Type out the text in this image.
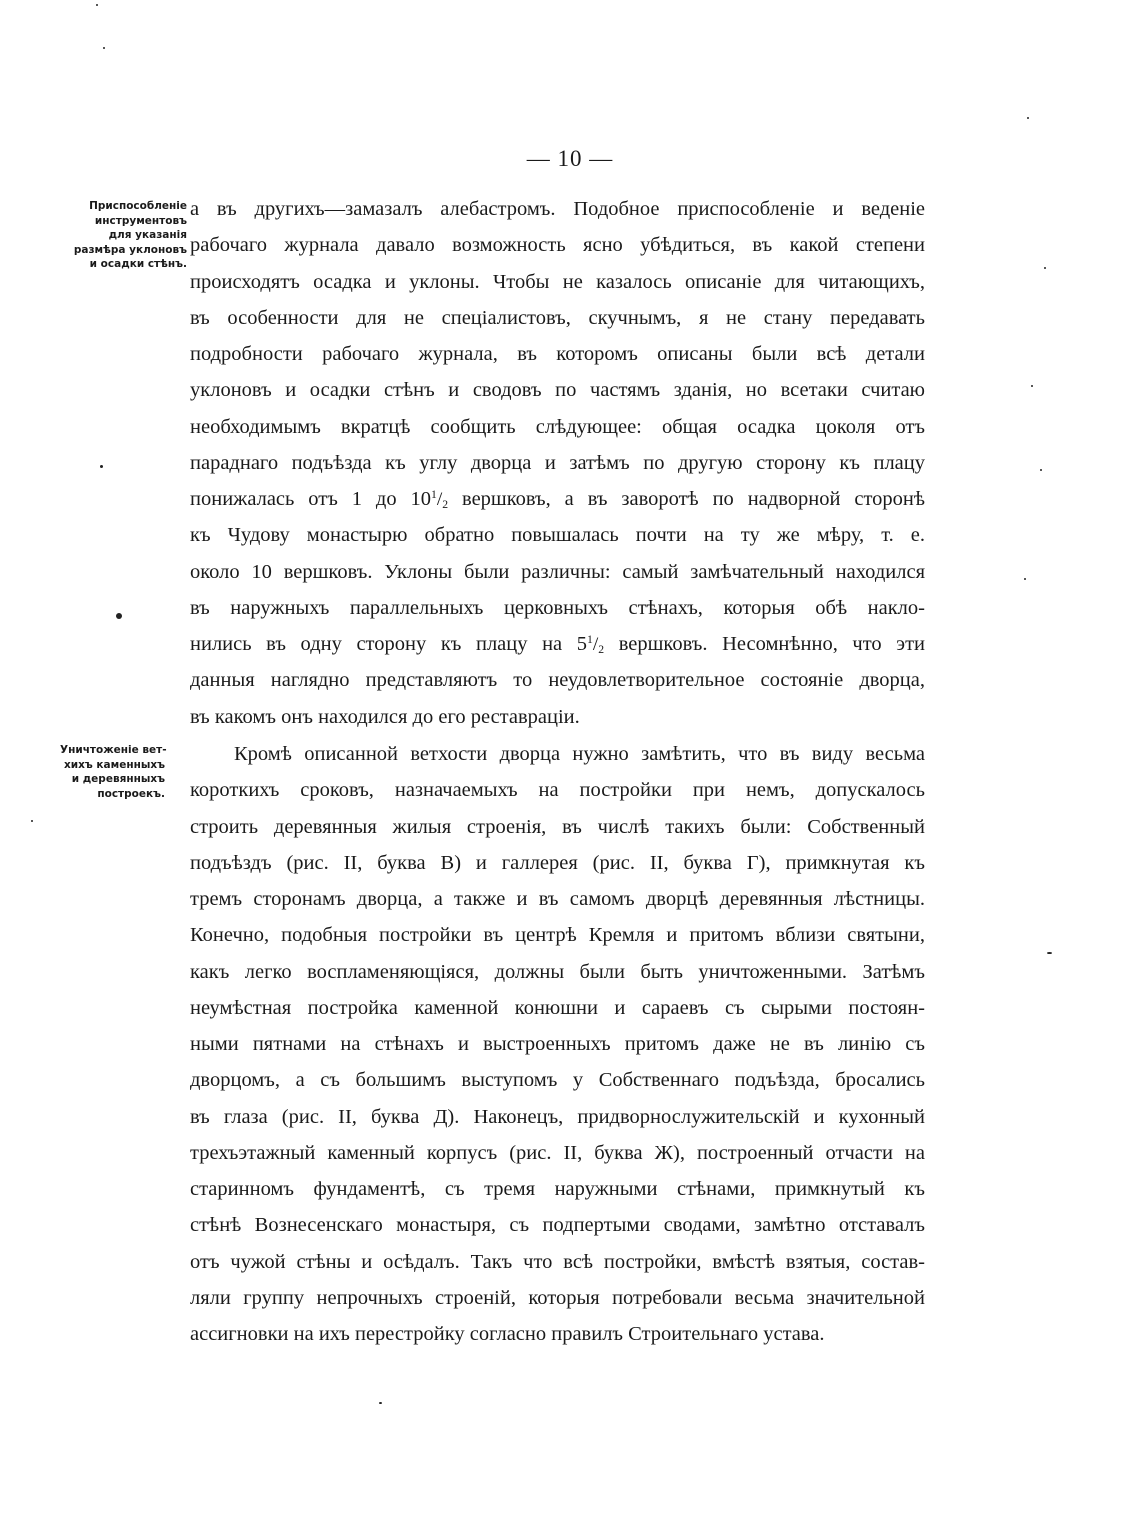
— 10 —
Приспособленіе
инструментовъ
для указанія
размѣра уклоновъ
и осадки стѣнъ.
Уничтоженіе вет-
хихъ каменныхъ
и деревянныхъ
построекъ.
а въ другихъ—замазалъ алебастромъ. Подобное приспособленіе и веденіе
рабочаго журнала давало возможность ясно убѣдиться, въ какой степени
происходятъ осадка и уклоны. Чтобы не казалось описаніе для читающихъ,
въ особенности для не спеціалистовъ, скучнымъ, я не стану передавать
подробности рабочаго журнала, въ которомъ описаны были всѣ детали
уклоновъ и осадки стѣнъ и сводовъ по частямъ зданія, но всетаки считаю
необходимымъ вкратцѣ сообщить слѣдующее: общая осадка цоколя отъ
параднаго подъѣзда къ углу дворца и затѣмъ по другую сторону къ плацу
понижалась отъ 1 до $10^1/_2$ вершковъ, а въ заворотѣ по надворной сторонѣ
къ Чудову монастырю обратно повышалась почти на ту же мѣру, т. е.
около 10 вершковъ. Уклоны были различны: самый замѣчательный находился
въ наружныхъ параллельныхъ церковныхъ стѣнахъ, которыя обѣ накло-
нились въ одну сторону къ плацу на $5^1/_2$ вершковъ. Несомнѣнно, что эти
данныя наглядно представляютъ то неудовлетворительное состояніе дворца,
въ какомъ онъ находился до его реставраціи.
Кромѣ описанной ветхости дворца нужно замѣтить, что въ виду весьма
короткихъ сроковъ, назначаемыхъ на постройки при немъ, допускалось
строить деревянныя жилыя строенія, въ числѣ такихъ были: Собственный
подъѣздъ (рис. II, буква В) и галлерея (рис. II, буква Г), примкнутая къ
тремъ сторонамъ дворца, а также и въ самомъ дворцѣ деревянныя лѣстницы.
Конечно, подобныя постройки въ центрѣ Кремля и притомъ вблизи святыни,
какъ легко воспламеняющіяся, должны были быть уничтоженными. Затѣмъ
неумѣстная постройка каменной конюшни и сараевъ съ сырыми постоян-
ными пятнами на стѣнахъ и выстроенныхъ притомъ даже не въ линію съ
дворцомъ, а съ большимъ выступомъ у Собственнаго подъѣзда, бросались
въ глаза (рис. II, буква Д). Наконецъ, придворнослужительскій и кухонный
трехъэтажный каменный корпусъ (рис. II, буква Ж), построенный отчасти на
старинномъ фундаментѣ, съ тремя наружными стѣнами, примкнутый къ
стѣнѣ Вознесенскаго монастыря, съ подпертыми сводами, замѣтно отставалъ
отъ чужой стѣны и осѣдалъ. Такъ что всѣ постройки, вмѣстѣ взятыя, состав-
ляли группу непрочныхъ строеній, которыя потребовали весьма значительной
ассигновки на ихъ перестройку согласно правилъ Строительнаго устава.
